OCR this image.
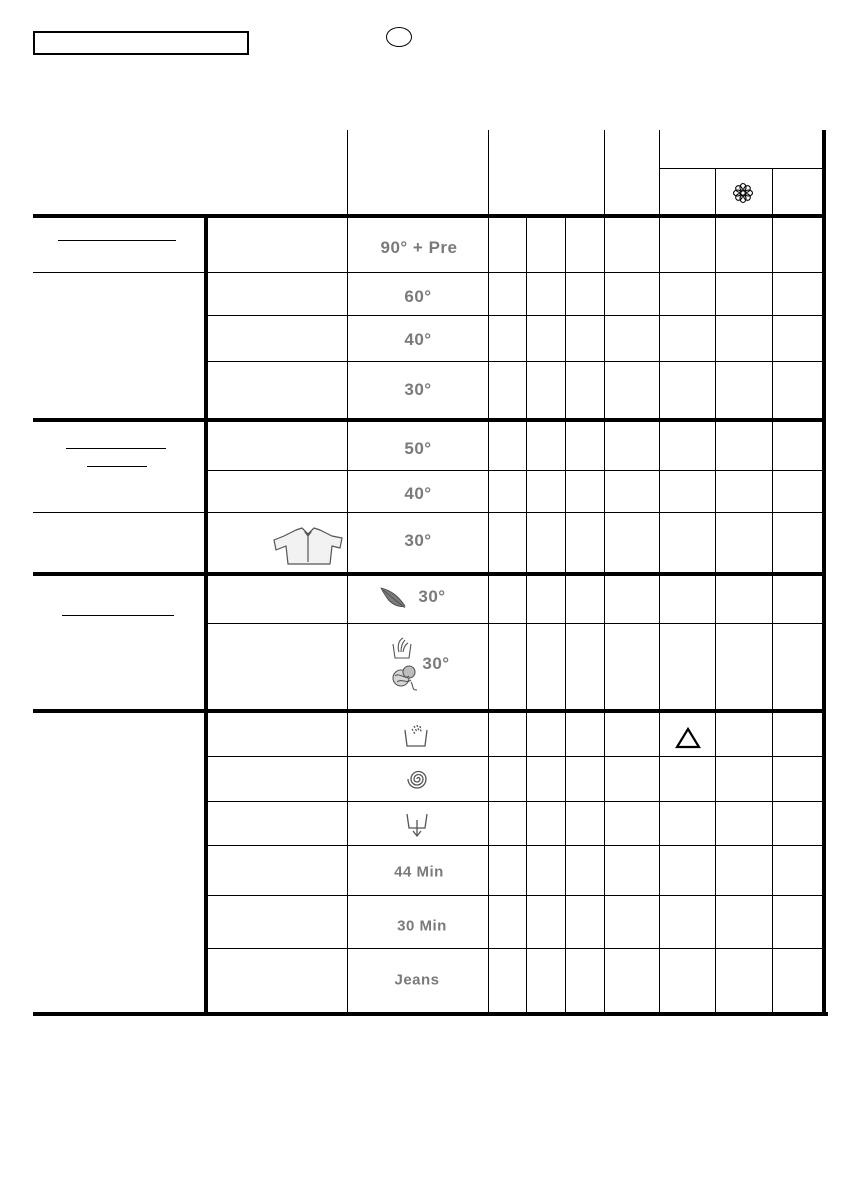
90° + Pre
60°
40°
30°
50°
40°
30°
30°
30°
44 Min
30 Min
Jeans
